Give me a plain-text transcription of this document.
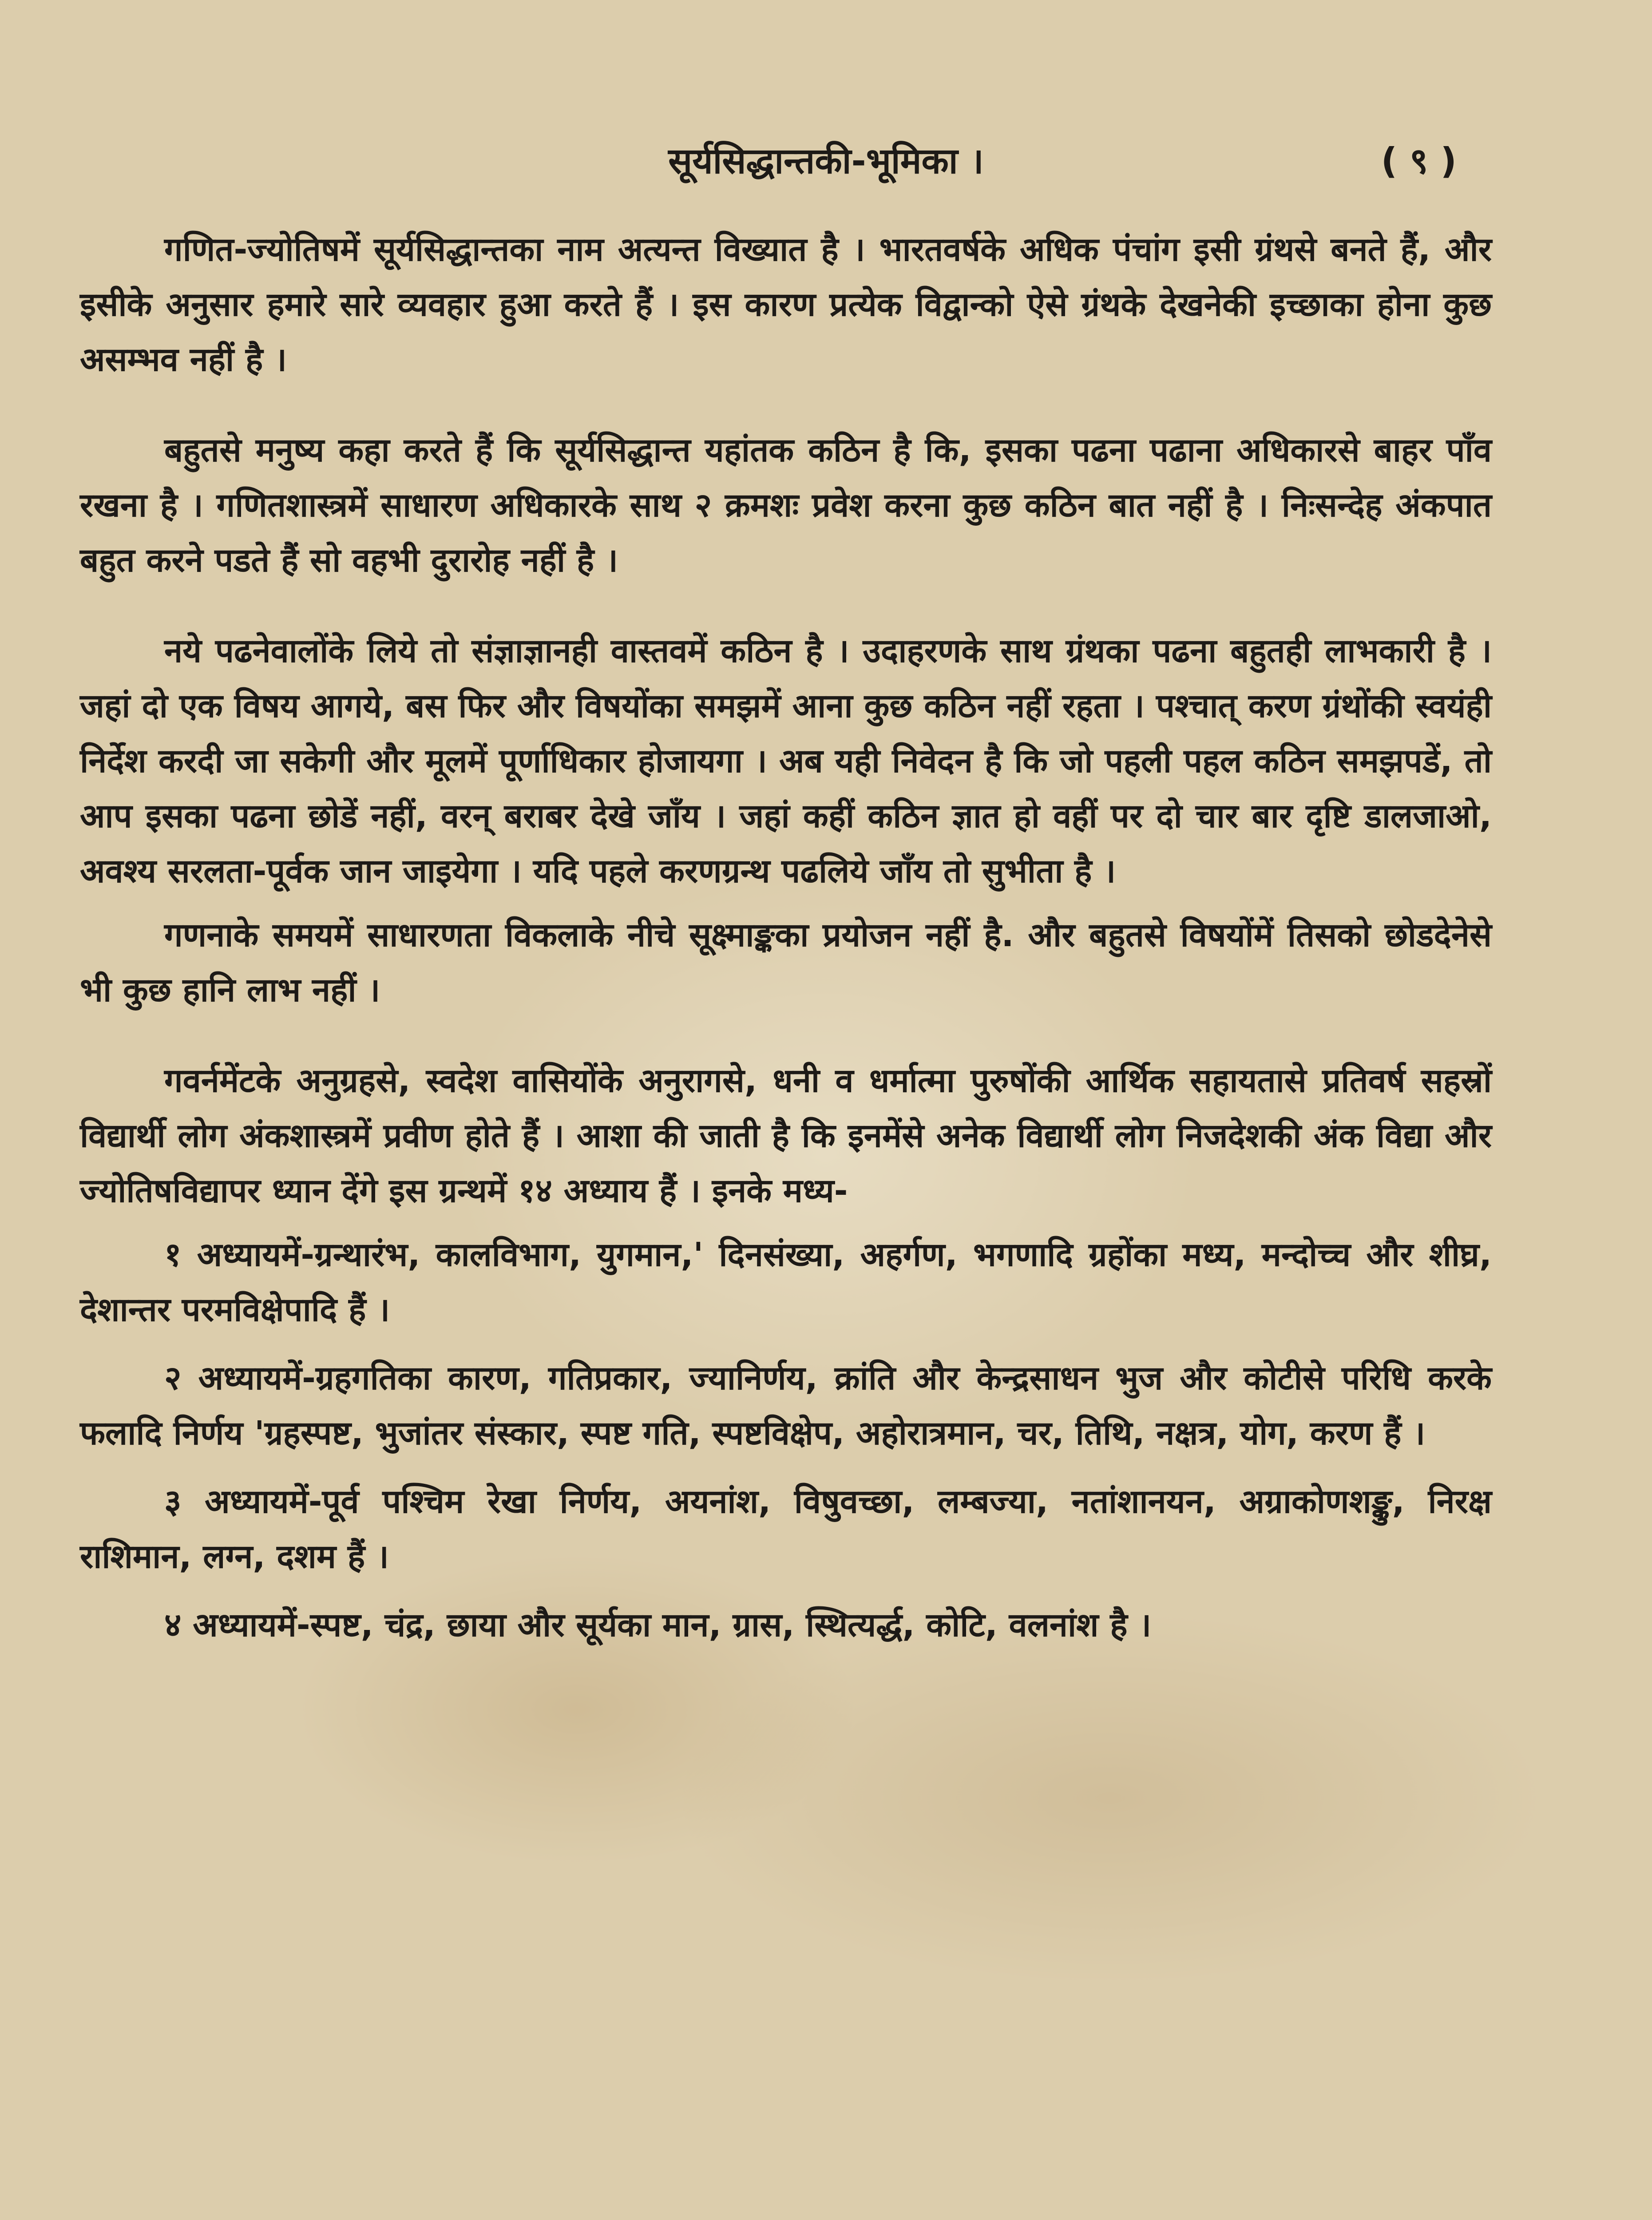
सूर्यसिद्धान्तकी-भूमिका ।	( ९ )

गणित-ज्योतिषमें सूर्यसिद्धान्तका नाम अत्यन्त विख्यात है । भारतवर्षके अधिक पंचांग इसी ग्रंथसे बनते हैं, और इसीके अनुसार हमारे सारे व्यवहार हुआ करते हैं । इस कारण प्रत्येक विद्वान्को ऐसे ग्रंथके देखनेकी इच्छाका होना कुछ असम्भव नहीं है ।

बहुतसे मनुष्य कहा करते हैं कि सूर्यसिद्धान्त यहांतक कठिन है कि, इसका पढना पढाना अधिकारसे बाहर पाँव रखना है । गणितशास्त्रमें साधारण अधिकारके साथ २ क्रमशः प्रवेश करना कुछ कठिन बात नहीं है । निःसन्देह अंकपात बहुत करने पडते हैं सो वहभी दुरारोह नहीं है ।

नये पढनेवालोंके लिये तो संज्ञाज्ञानही वास्तवमें कठिन है । उदाहरणके साथ ग्रंथका पढना बहुतही लाभकारी है । जहां दो एक विषय आगये, बस फिर और विषयोंका समझमें आना कुछ कठिन नहीं रहता । पश्चात् करण ग्रंथोंकी स्वयंही निर्देश करदी जा सकेगी और मूलमें पूर्णाधिकार होजायगा । अब यही निवेदन है कि जो पहली पहल कठिन समझपडें, तो आप इसका पढना छोडें नहीं, वरन् बराबर देखे जाँय । जहां कहीं कठिन ज्ञात हो वहीं पर दो चार बार दृष्टि डालजाओ, अवश्य सरलता-पूर्वक जान जाइयेगा । यदि पहले करणग्रन्थ पढलिये जाँय तो सुभीता है ।

गणनाके समयमें साधारणता विकलाके नीचे सूक्ष्माङ्कका प्रयोजन नहीं है. और बहुतसे विषयोंमें तिसको छोडदेनेसे भी कुछ हानि लाभ नहीं ।

गवर्नमेंटके अनुग्रहसे, स्वदेश वासियोंके अनुरागसे, धनी व धर्मात्मा पुरुषोंकी आर्थिक सहायतासे प्रतिवर्ष सहस्रों विद्यार्थी लोग अंकशास्त्रमें प्रवीण होते हैं । आशा की जाती है कि इनमेंसे अनेक विद्यार्थी लोग निजदेशकी अंक विद्या और ज्योतिषविद्यापर ध्यान देंगे इस ग्रन्थमें १४ अध्याय हैं । इनके मध्य-

१ अध्यायमें-ग्रन्थारंभ, कालविभाग, युगमान,' दिनसंख्या, अहर्गण, भगणादि ग्रहोंका मध्य, मन्दोच्च और शीघ्र, देशान्तर परमविक्षेपादि हैं ।

२ अध्यायमें-ग्रहगतिका कारण, गतिप्रकार, ज्यानिर्णय, क्रांति और केन्द्रसाधन भुज और कोटीसे परिधि करके फलादि निर्णय 'ग्रहस्पष्ट, भुजांतर संस्कार, स्पष्ट गति, स्पष्टविक्षेप, अहोरात्रमान, चर, तिथि, नक्षत्र, योग, करण हैं ।

३ अध्यायमें-पूर्व पश्चिम रेखा निर्णय, अयनांश, विषुवच्छा, लम्बज्या, नतांशानयन, अग्राकोणशङ्कु, निरक्ष राशिमान, लग्न, दशम हैं ।

४ अध्यायमें-स्पष्ट, चंद्र, छाया और सूर्यका मान, ग्रास, स्थित्यर्द्ध, कोटि, वलनांश है ।
